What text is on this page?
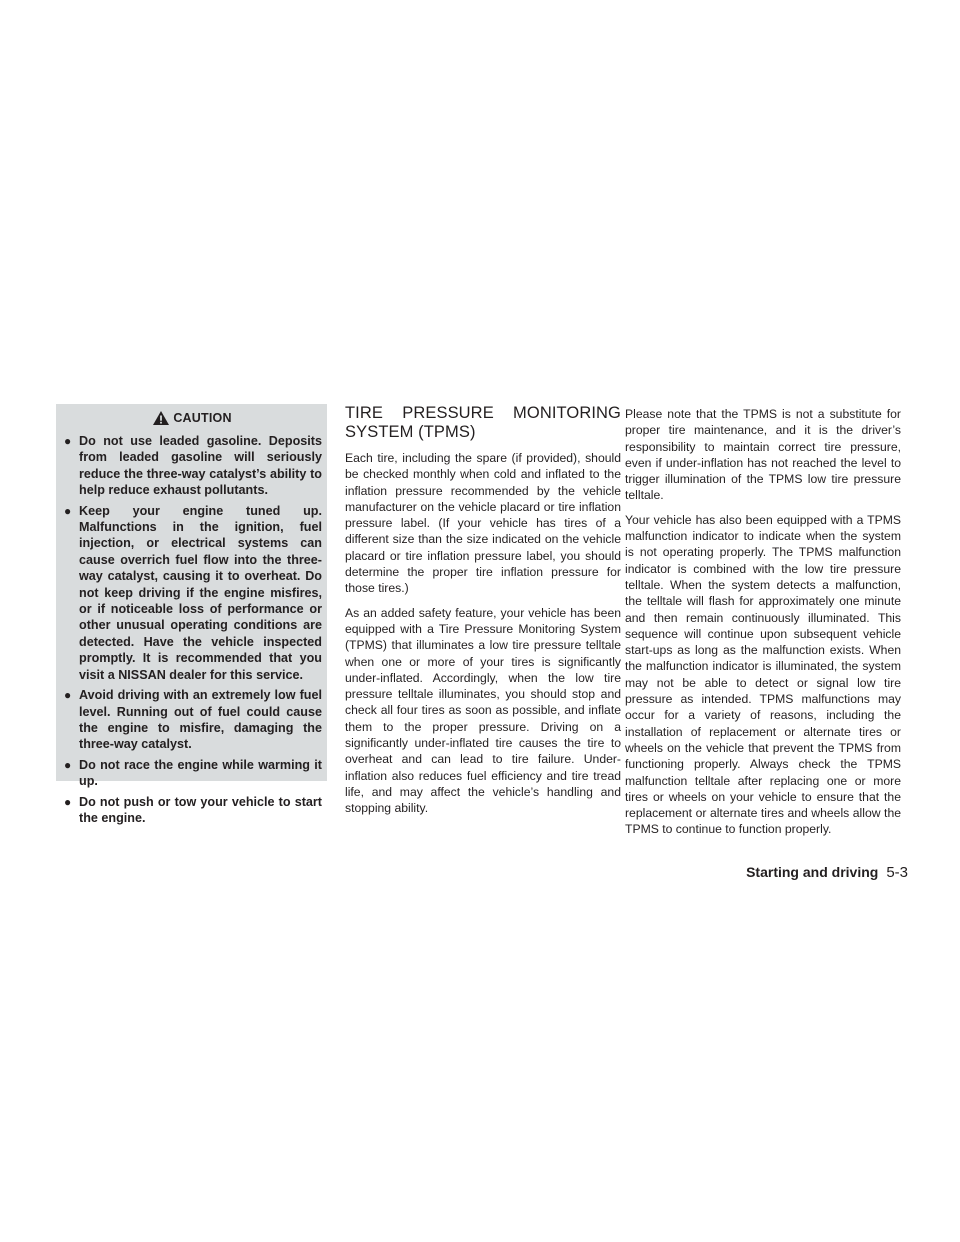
CAUTION
● Do not use leaded gasoline. Deposits from leaded gasoline will seriously reduce the three-way catalyst’s ability to help reduce exhaust pollutants.
● Keep your engine tuned up. Malfunctions in the ignition, fuel injection, or electrical systems can cause overrich fuel flow into the three-way catalyst, causing it to overheat. Do not keep driving if the engine misfires, or if noticeable loss of performance or other unusual operating conditions are detected. Have the vehicle inspected promptly. It is recommended that you visit a NISSAN dealer for this service.
● Avoid driving with an extremely low fuel level. Running out of fuel could cause the engine to misfire, damaging the three-way catalyst.
● Do not race the engine while warming it up.
● Do not push or tow your vehicle to start the engine.
TIRE PRESSURE MONITORING SYSTEM (TPMS)

Each tire, including the spare (if provided), should be checked monthly when cold and inflated to the inflation pressure recommended by the vehicle manufacturer on the vehicle placard or tire inflation pressure label. (If your vehicle has tires of a different size than the size indicated on the vehicle placard or tire inflation pressure label, you should determine the proper tire inflation pressure for those tires.)

As an added safety feature, your vehicle has been equipped with a Tire Pressure Monitoring System (TPMS) that illuminates a low tire pressure telltale when one or more of your tires is significantly under-inflated. Accordingly, when the low tire pressure telltale illuminates, you should stop and check all four tires as soon as possible, and inflate them to the proper pressure. Driving on a significantly under-inflated tire causes the tire to overheat and can lead to tire failure. Under-inflation also reduces fuel efficiency and tire tread life, and may affect the vehicle’s handling and stopping ability.

Please note that the TPMS is not a substitute for proper tire maintenance, and it is the driver’s responsibility to maintain correct tire pressure, even if under-inflation has not reached the level to trigger illumination of the TPMS low tire pressure telltale.

Your vehicle has also been equipped with a TPMS malfunction indicator to indicate when the system is not operating properly. The TPMS malfunction indicator is combined with the low tire pressure telltale. When the system detects a malfunction, the telltale will flash for approximately one minute and then remain continuously illuminated. This sequence will continue upon subsequent vehicle start-ups as long as the malfunction exists. When the malfunction indicator is illuminated, the system may not be able to detect or signal low tire pressure as intended. TPMS malfunctions may occur for a variety of reasons, including the installation of replacement or alternate tires or wheels on the vehicle that prevent the TPMS from functioning properly. Always check the TPMS malfunction telltale after replacing one or more tires or wheels on your vehicle to ensure that the replacement or alternate tires and wheels allow the TPMS to continue to function properly.

Starting and driving 5-3
